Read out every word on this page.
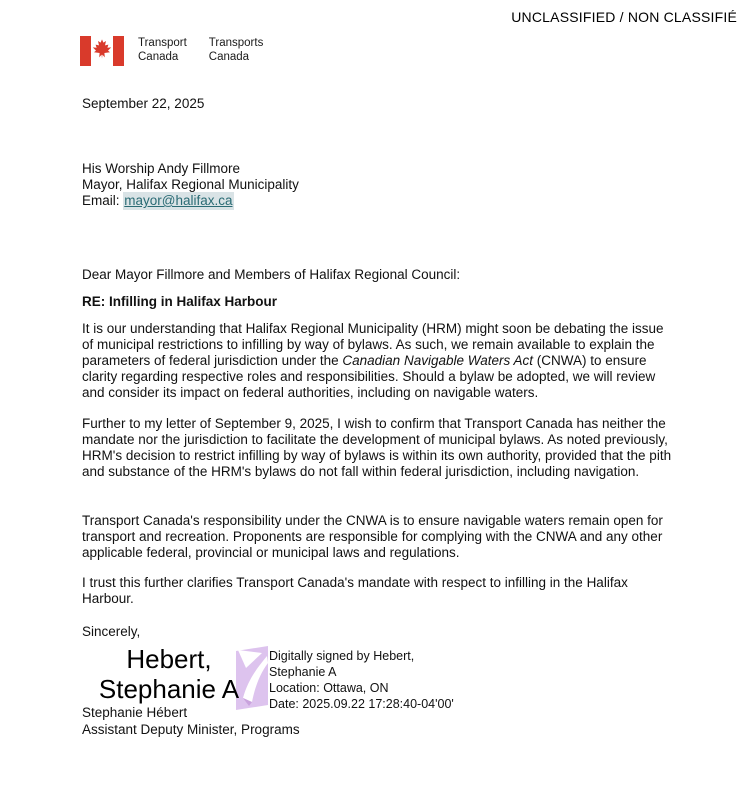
UNCLASSIFIED / NON CLASSIFIÉ
Transport
Canada
Transports
Canada
September 22, 2025
His Worship Andy Fillmore
Mayor, Halifax Regional Municipality
Email: mayor@halifax.ca
Dear Mayor Fillmore and Members of Halifax Regional Council:
RE: Infilling in Halifax Harbour
It is our understanding that Halifax Regional Municipality (HRM) might soon be debating the issue of municipal restrictions to infilling by way of bylaws. As such, we remain available to explain the parameters of federal jurisdiction under the Canadian Navigable Waters Act (CNWA) to ensure clarity regarding respective roles and responsibilities. Should a bylaw be adopted, we will review and consider its impact on federal authorities, including on navigable waters.
Further to my letter of September 9, 2025, I wish to confirm that Transport Canada has neither the mandate nor the jurisdiction to facilitate the development of municipal bylaws. As noted previously, HRM's decision to restrict infilling by way of bylaws is within its own authority, provided that the pith and substance of the HRM's bylaws do not fall within federal jurisdiction, including navigation.
Transport Canada's responsibility under the CNWA is to ensure navigable waters remain open for transport and recreation. Proponents are responsible for complying with the CNWA and any other applicable federal, provincial or municipal laws and regulations.
I trust this further clarifies Transport Canada's mandate with respect to infilling in the Halifax Harbour.
Sincerely,
Hebert,
Stephanie A
Digitally signed by Hebert,
Stephanie A
Location: Ottawa, ON
Date: 2025.09.22 17:28:40-04'00'
Stephanie Hébert
Assistant Deputy Minister, Programs
